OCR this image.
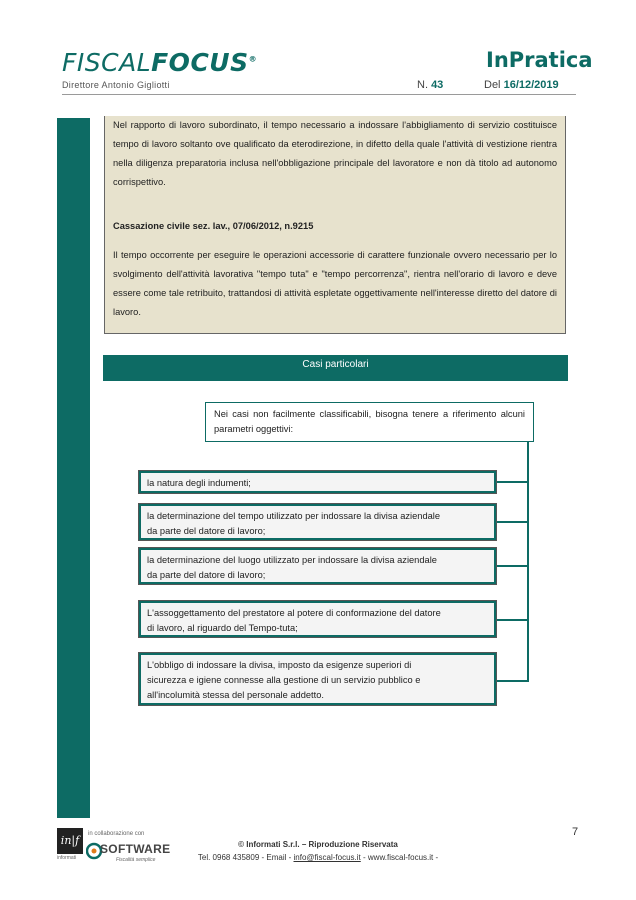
FISCALFOCUS®
Direttore Antonio Gigliotti
InPratica
N. 43	Del 16/12/2019

Nel rapporto di lavoro subordinato, il tempo necessario a indossare l'abbigliamento di servizio costituisce tempo di lavoro soltanto ove qualificato da eterodirezione, in difetto della quale l'attività di vestizione rientra nella diligenza preparatoria inclusa nell'obbligazione principale del lavoratore e non dà titolo ad autonomo corrispettivo.

Cassazione civile sez. lav., 07/06/2012, n.9215

Il tempo occorrente per eseguire le operazioni accessorie di carattere funzionale ovvero necessario per lo svolgimento dell'attività lavorativa "tempo tuta" e "tempo percorrenza", rientra nell'orario di lavoro e deve essere come tale retribuito, trattandosi di attività espletate oggettivamente nell'interesse diretto del datore di lavoro.

Casi particolari
Nei casi non facilmente classificabili, bisogna tenere a riferimento alcuni parametri oggettivi:
la natura degli indumenti;
la determinazione del tempo utilizzato per indossare la divisa aziendale
da parte del datore di lavoro;
la determinazione del luogo utilizzato per indossare la divisa aziendale
da parte del datore di lavoro;
L'assoggettamento del prestatore al potere di conformazione del datore
di lavoro, al riguardo del Tempo-tuta;
L'obbligo di indossare la divisa, imposto da esigenze superiori di
sicurezza e igiene connesse alla gestione di un servizio pubblico e
all'incolumità stessa del personale addetto.
7
in|f
informati
in collaborazione con
SOFTWARE
Fiscalità semplice
© Informati S.r.l. – Riproduzione Riservata
Tel. 0968 435809 - Email - info@fiscal-focus.it - www.fiscal-focus.it -
